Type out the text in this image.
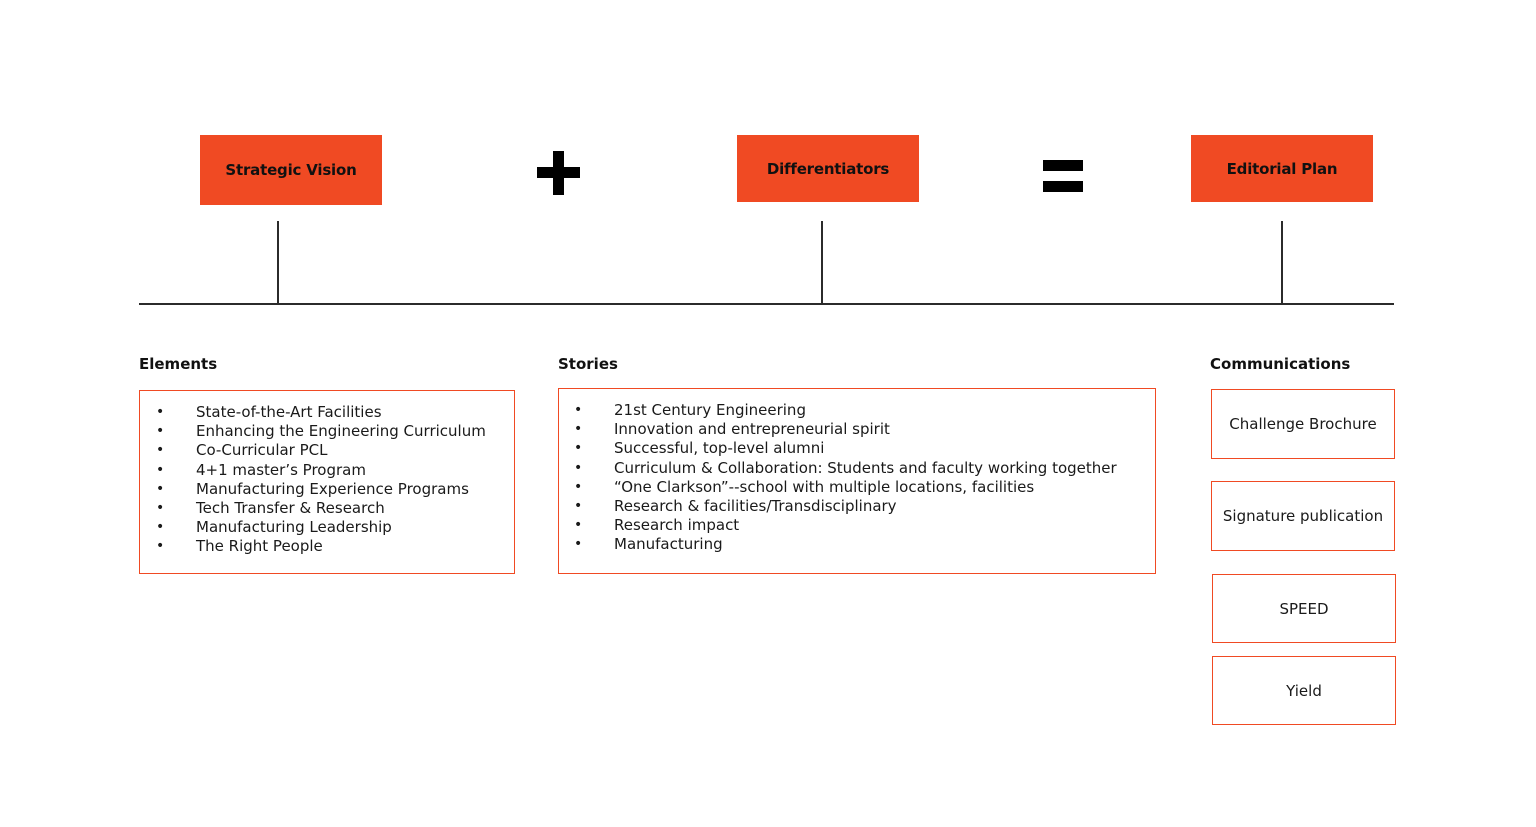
Strategic Vision	Differentiators	Editorial Plan
Elements	Stories	Communications
• State-of-the-Art Facilities
• Enhancing the Engineering Curriculum
• Co-Curricular PCL
• 4+1 master’s Program
• Manufacturing Experience Programs
• Tech Transfer & Research
• Manufacturing Leadership
• The Right People
• 21st Century Engineering
• Innovation and entrepreneurial spirit
• Successful, top-level alumni
• Curriculum & Collaboration: Students and faculty working together
• “One Clarkson”--school with multiple locations, facilities
• Research & facilities/Transdisciplinary
• Research impact
• Manufacturing
Challenge Brochure
Signature publication
SPEED
Yield
